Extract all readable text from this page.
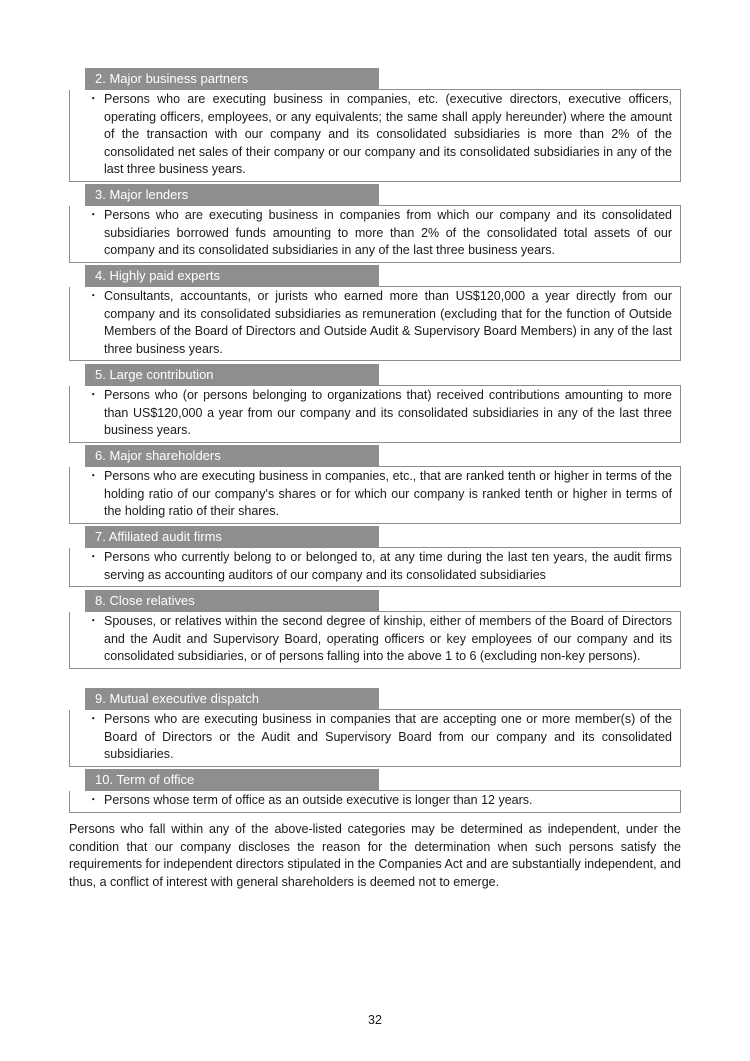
2. Major business partners
・ Persons who are executing business in companies, etc. (executive directors, executive officers, operating officers, employees, or any equivalents; the same shall apply hereunder) where the amount of the transaction with our company and its consolidated subsidiaries is more than 2% of the consolidated net sales of their company or our company and its consolidated subsidiaries in any of the last three business years.
3. Major lenders
・ Persons who are executing business in companies from which our company and its consolidated subsidiaries borrowed funds amounting to more than 2% of the consolidated total assets of our company and its consolidated subsidiaries in any of the last three business years.
4. Highly paid experts
・ Consultants, accountants, or jurists who earned more than US$120,000 a year directly from our company and its consolidated subsidiaries as remuneration (excluding that for the function of Outside Members of the Board of Directors and Outside Audit & Supervisory Board Members) in any of the last three business years.
5. Large contribution
・ Persons who (or persons belonging to organizations that) received contributions amounting to more than US$120,000 a year from our company and its consolidated subsidiaries in any of the last three business years.
6. Major shareholders
・ Persons who are executing business in companies, etc., that are ranked tenth or higher in terms of the holding ratio of our company's shares or for which our company is ranked tenth or higher in terms of the holding ratio of their shares.
7. Affiliated audit firms
・ Persons who currently belong to or belonged to, at any time during the last ten years, the audit firms serving as accounting auditors of our company and its consolidated subsidiaries
8. Close relatives
・ Spouses, or relatives within the second degree of kinship, either of members of the Board of Directors and the Audit and Supervisory Board, operating officers or key employees of our company and its consolidated subsidiaries, or of persons falling into the above 1 to 6 (excluding non-key persons).
9. Mutual executive dispatch
・ Persons who are executing business in companies that are accepting one or more member(s) of the Board of Directors or the Audit and Supervisory Board from our company and its consolidated subsidiaries.
10. Term of office
・ Persons whose term of office as an outside executive is longer than 12 years.
Persons who fall within any of the above-listed categories may be determined as independent, under the condition that our company discloses the reason for the determination when such persons satisfy the requirements for independent directors stipulated in the Companies Act and are substantially independent, and thus, a conflict of interest with general shareholders is deemed not to emerge.
32
